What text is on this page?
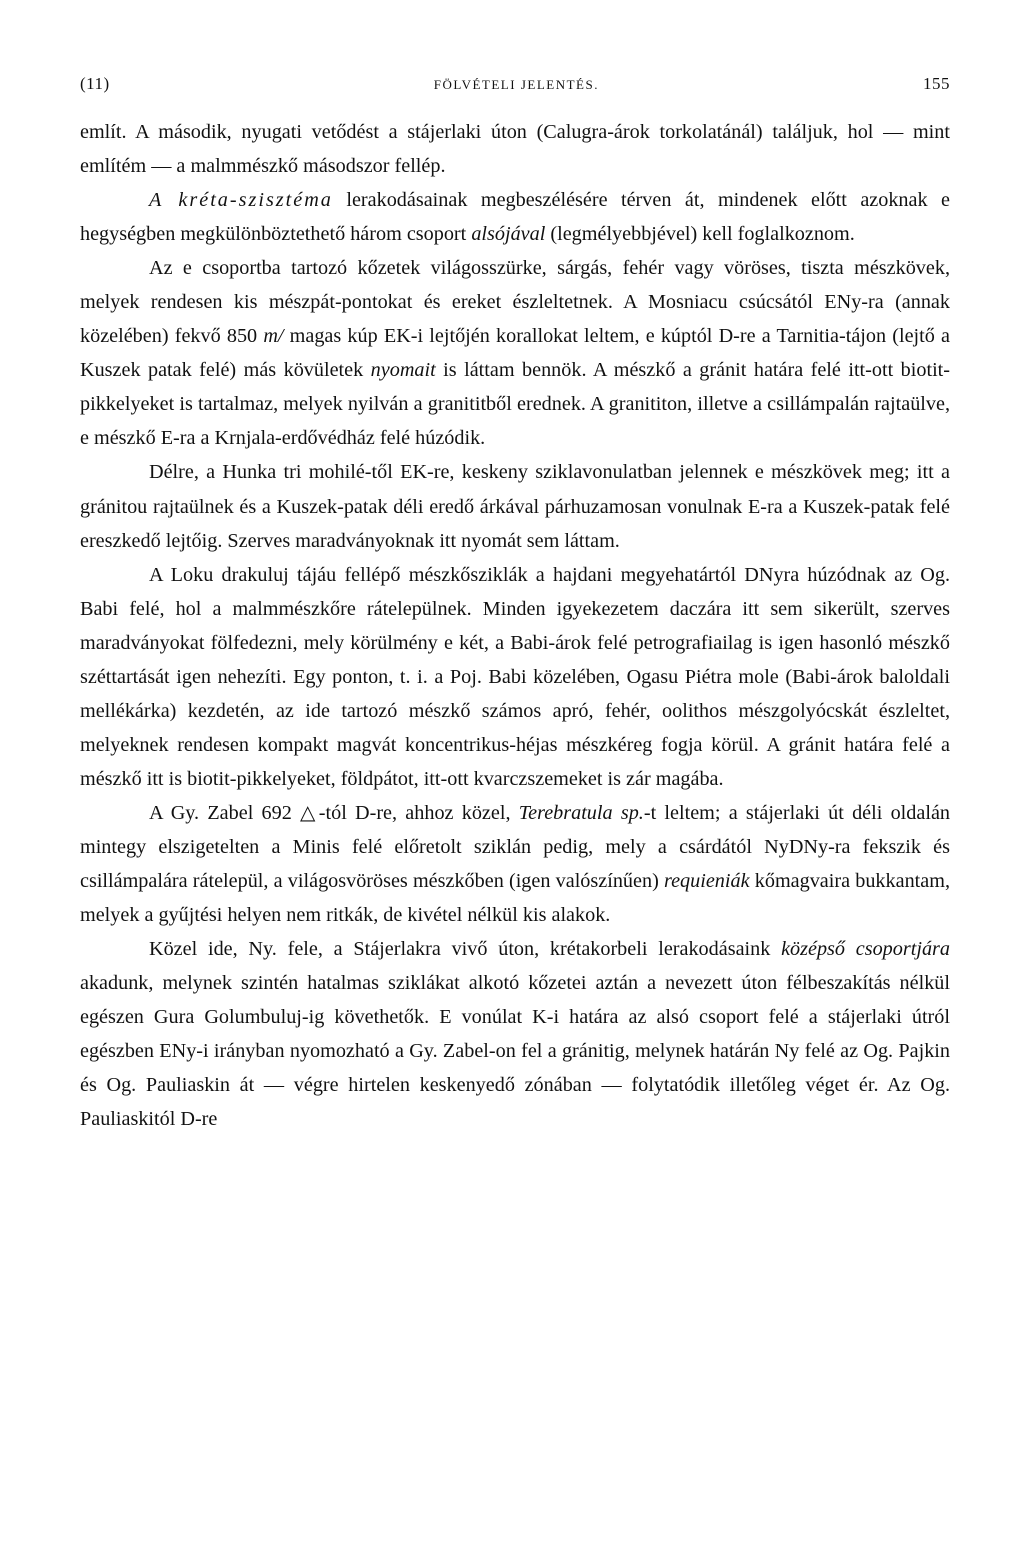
(11)	FÖLVÉTELI JELENTÉS.	155

említ. A második, nyugati vetődést a stájerlaki úton (Calugra-árok torkolatánál) találjuk, hol — mint említém — a malmmészkő másodszor fellép.

A kréta-szisztéma lerakodásainak megbeszélésére térven át, mindenek előtt azoknak e hegységben megkülönböztethető három csoport alsójával (legmélyebbjével) kell foglalkoznom.

Az e csoportba tartozó kőzetek világosszürke, sárgás, fehér vagy vöröses, tiszta mészkövek, melyek rendesen kis mészpát-pontokat és ereket észleltetnek. A Mosniacu csúcsától ENy-ra (annak közelében) fekvő 850 m/ magas kúp EK-i lejtőjén korallokat leltem, e kúptól D-re a Tarnitia-tájon (lejtő a Kuszek patak felé) más kövületek nyomait is láttam bennök. A mészkő a gránit határa felé itt-ott biotit-pikkelyeket is tartalmaz, melyek nyilván a granititből erednek. A granititon, illetve a csillámpalán rajtaülve, e mészkő E-ra a Krnjala-erdővédház felé húzódik.

Délre, a Hunka tri mohilé-től EK-re, keskeny sziklavonulatban jelennek e mészkövek meg; itt a gránitou rajtaülnek és a Kuszek-patak déli eredő árkával párhuzamosan vonulnak E-ra a Kuszek-patak felé ereszkedő lejtőig. Szerves maradványoknak itt nyomát sem láttam.

A Loku drakuluj tájáu fellépő mészkősziklák a hajdani megyehatártól DNyra húzódnak az Og. Babi felé, hol a malmmészkőre rátelepülnek. Minden igyekezetem daczára itt sem sikerült, szerves maradványokat fölfedezni, mely körülmény e két, a Babi-árok felé petrografiailag is igen hasonló mészkő széttartását igen nehezíti. Egy ponton, t. i. a Poj. Babi közelében, Ogasu Piétra mole (Babi-árok baloldali mellékárka) kezdetén, az ide tartozó mészkő számos apró, fehér, oolithos mészgolyócskát észleltet, melyeknek rendesen kompakt magvát koncentrikus-héjas mészkéreg fogja körül. A gránit határa felé a mészkő itt is biotit-pikkelyeket, földpátot, itt-ott kvarczszemeket is zár magába.

A Gy. Zabel 692 △-tól D-re, ahhoz közel, Terebratula sp.-t leltem; a stájerlaki út déli oldalán mintegy elszigetelten a Minis felé előretolt sziklán pedig, mely a csárdától NyDNy-ra fekszik és csillámpalára rátelepül, a világosvöröses mészkőben (igen valószínűen) requieniák kőmagvaira bukkantam, melyek a gyűjtési helyen nem ritkák, de kivétel nélkül kis alakok.

Közel ide, Ny. fele, a Stájerlakra vivő úton, krétakorbeli lerakodásaink középső csoportjára akadunk, melynek szintén hatalmas sziklákat alkotó kőzetei aztán a nevezett úton félbeszakítás nélkül egészen Gura Golumbuluj-ig követhetők. E vonúlat K-i határa az alsó csoport felé a stájerlaki útról egészben ENy-i irányban nyomozható a Gy. Zabel-on fel a gránitig, melynek határán Ny felé az Og. Pajkin és Og. Pauliaskin át — végre hirtelen keskenyedő zónában — folytatódik illetőleg véget ér. Az Og. Pauliaskitól D-re
